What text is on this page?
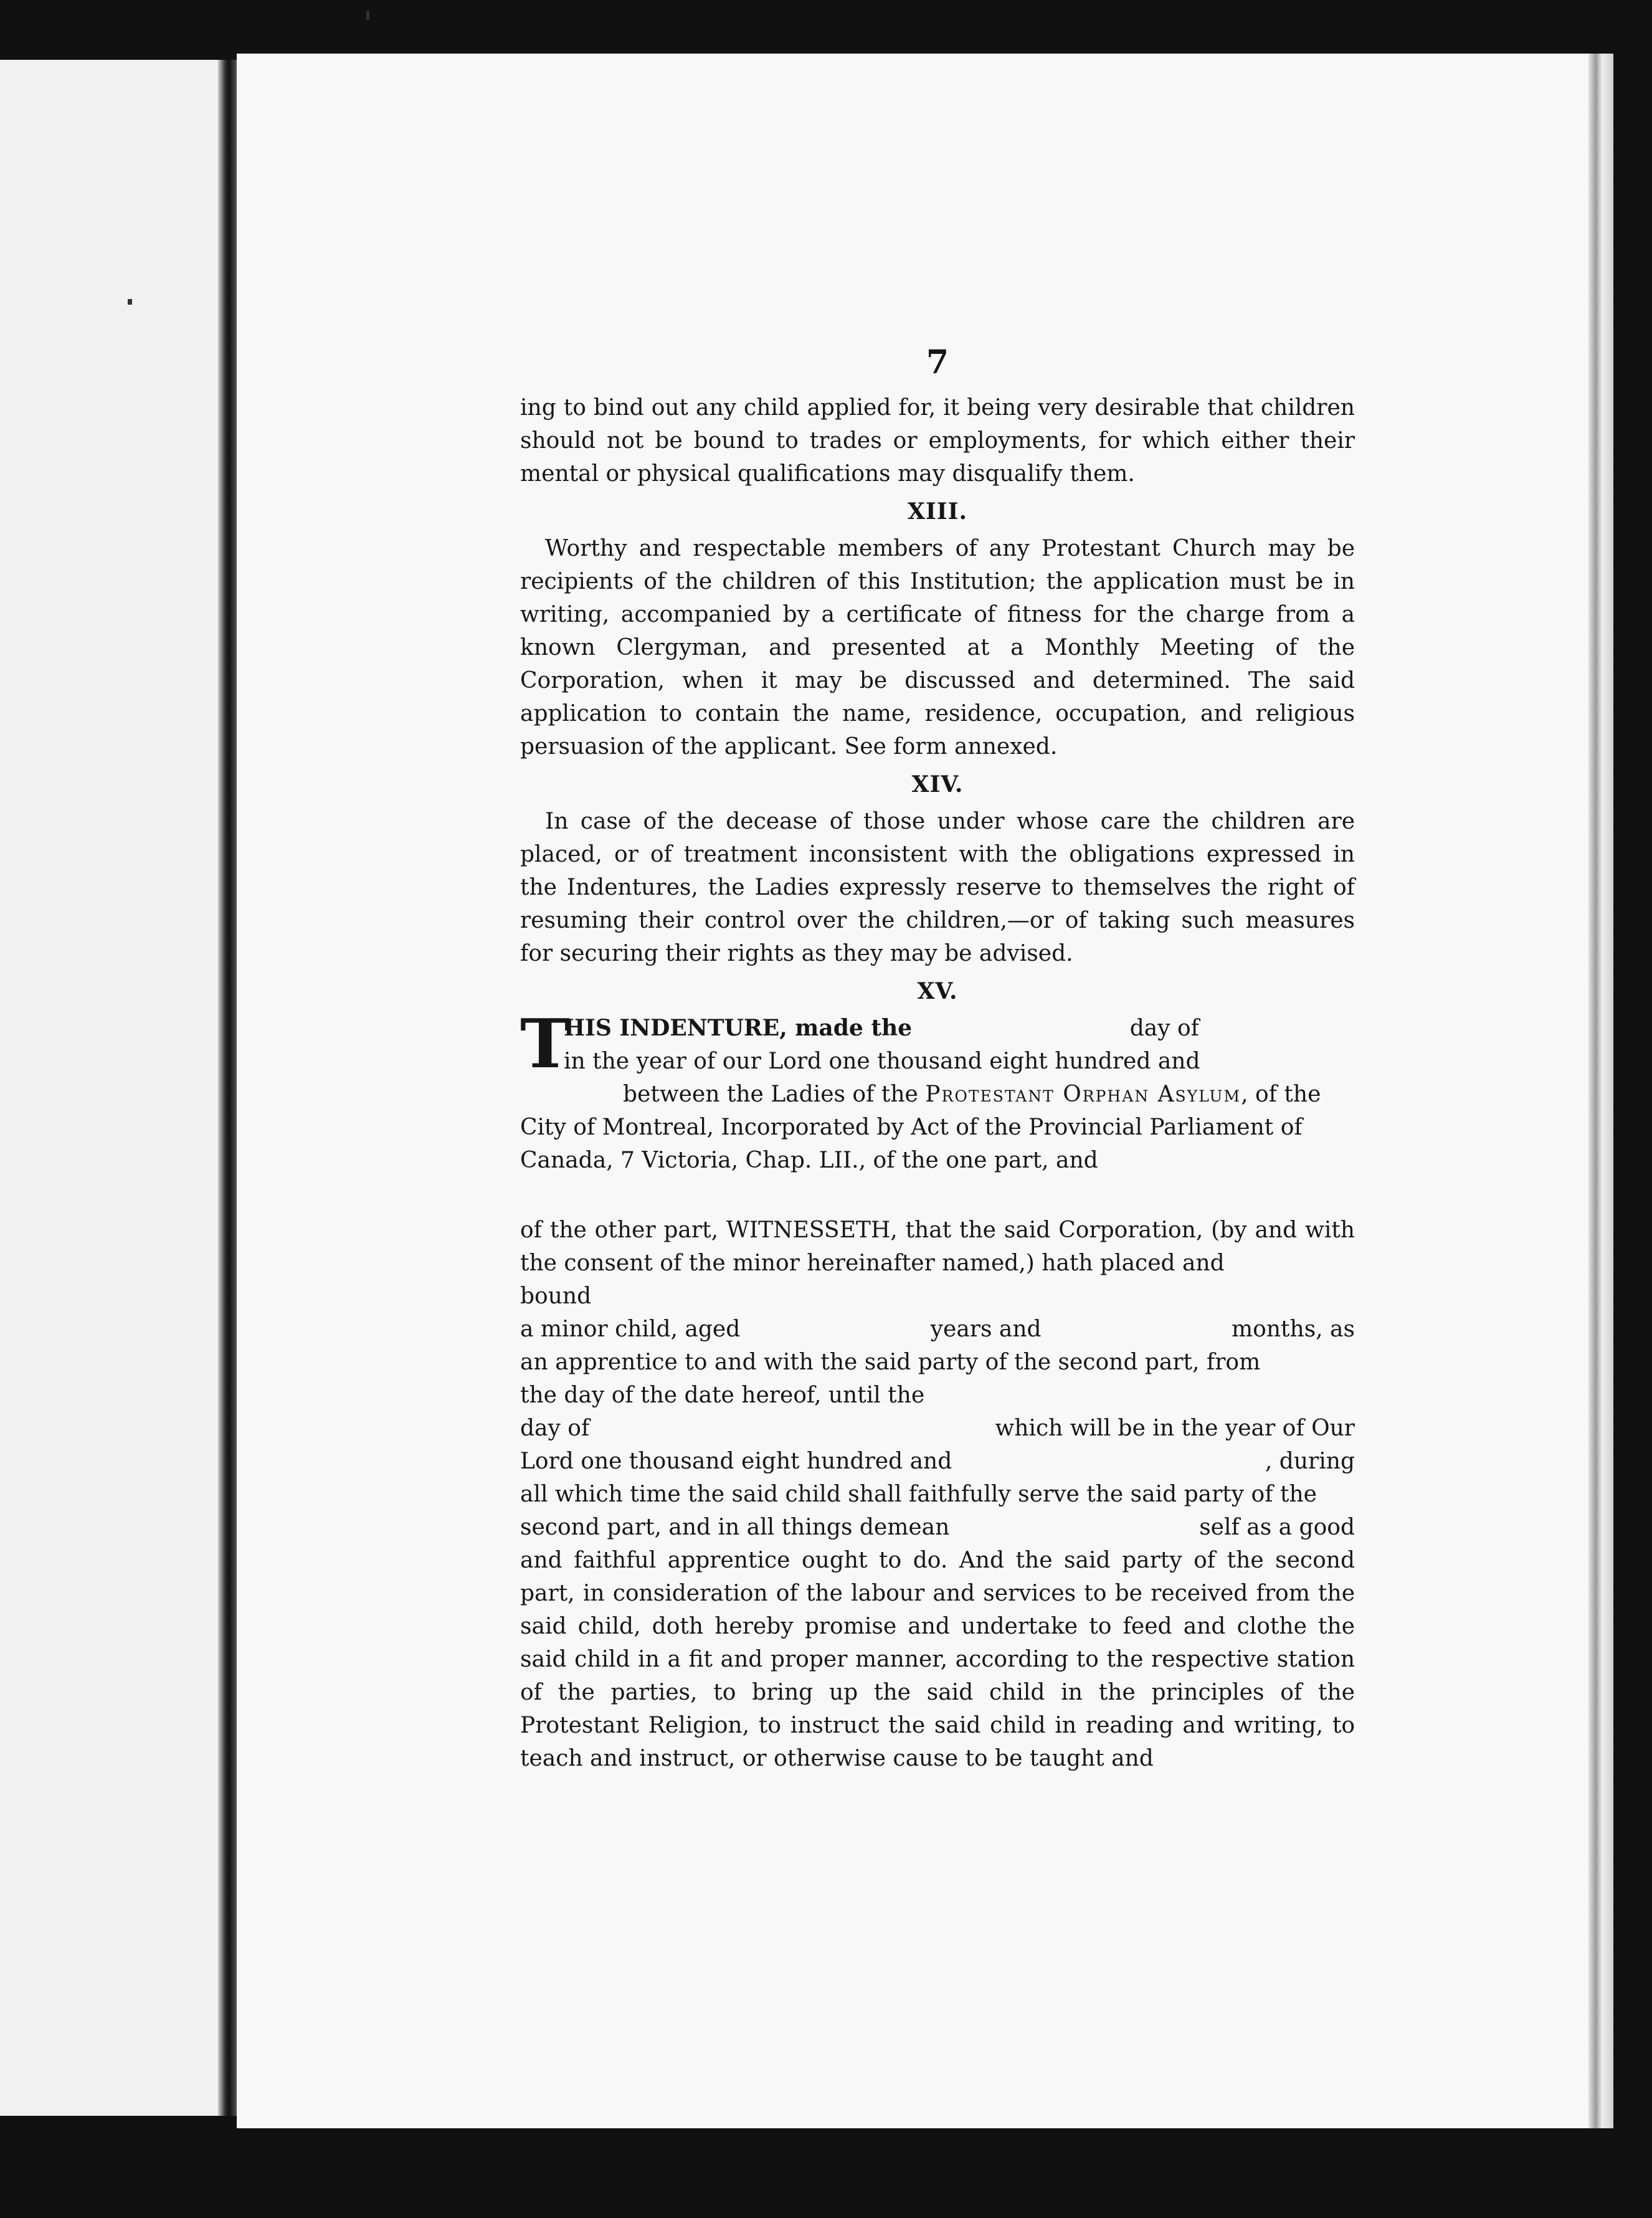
7

ing to bind out any child applied for, it being very desirable that children should not be bound to trades or employments, for which either their mental or physical qualifications may disqualify them.

XIII.

Worthy and respectable members of any Protestant Church may be recipients of the children of this Institution; the application must be in writing, accompanied by a certificate of fitness for the charge from a known Clergyman, and presented at a Monthly Meeting of the Corporation, when it may be discussed and determined. The said application to contain the name, residence, occupation, and religious persuasion of the applicant. See form annexed.

XIV.

In case of the decease of those under whose care the children are placed, or of treatment inconsistent with the obligations expressed in the Indentures, the Ladies expressly reserve to themselves the right of resuming their control over the children,—or of taking such measures for securing their rights as they may be advised.

XV.
T
HIS INDENTURE, made the	day of
in the year of our Lord one thousand eight hundred and
between the Ladies of the Protestant Orphan Asylum, of the
City of Montreal, Incorporated by Act of the Provincial Parliament of
Canada, 7 Victoria, Chap. LII., of the one part, and

of the other part, WITNESSETH, that the said Corporation, (by and with the consent of the minor hereinafter named,) hath placed and

bound
a minor child, aged	years and	months, as
an apprentice to and with the said party of the second part, from
the day of the date hereof, until the
day of	which will be in the year of Our
Lord one thousand eight hundred and	, during
all which time the said child shall faithfully serve the said party of the
second part, and in all things demean	self as a good

and faithful apprentice ought to do. And the said party of the second part, in consideration of the labour and services to be received from the said child, doth hereby promise and undertake to feed and clothe the said child in a fit and proper manner, according to the respective station of the parties, to bring up the said child in the principles of the Protestant Religion, to instruct the said child in reading and writing, to teach and instruct, or otherwise cause to be taught and
